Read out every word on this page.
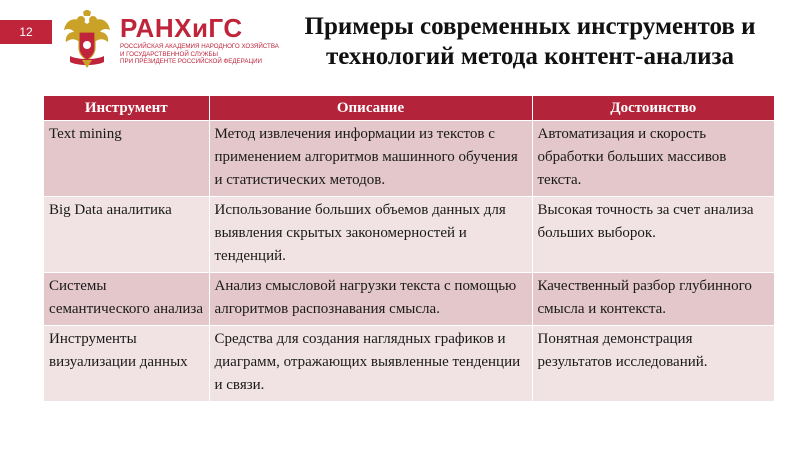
12	РАНХиГС
РОССИЙСКАЯ АКАДЕМИЯ НАРОДНОГО ХОЗЯЙСТВА
И ГОСУДАРСТВЕННОЙ СЛУЖБЫ
ПРИ ПРЕЗИДЕНТЕ РОССИЙСКОЙ ФЕДЕРАЦИИ
Примеры современных инструментов и технологий метода контент-анализа
Инструмент	Описание	Достоинство
Text mining	Метод извлечения информации из текстов с применением алгоритмов машинного обучения и статистических методов.	Автоматизация и скорость обработки больших массивов текста.
Big Data аналитика	Использование больших объемов данных для выявления скрытых закономерностей и тенденций.	Высокая точность за счет анализа больших выборок.
Системы семантического анализа	Анализ смысловой нагрузки текста с помощью алгоритмов распознавания смысла.	Качественный разбор глубинного смысла и контекста.
Инструменты визуализации данных	Средства для создания наглядных графиков и диаграмм, отражающих выявленные тенденции и связи.	Понятная демонстрация результатов исследований.
